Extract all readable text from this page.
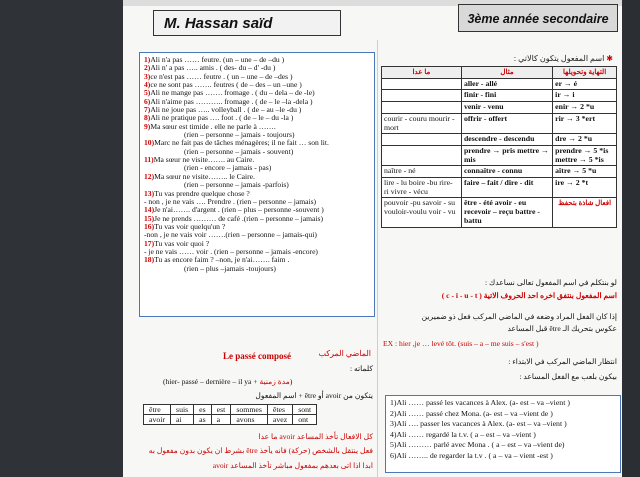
M. Hassan saïd	3ème année secondaire
1)Ali n'a pas …… feutre. (un – une – de –du )
2)Ali n' a pas ….. amis . ( des- du – d' -du )
3)ce n'est pas …… feutre . ( un – une – de –des )
4)ce ne sont pas ……. feutres ( de – des – un –une )
5)Ali ne mange pas ……. fromage . ( du – dela – de -le)
6)Ali n'aime pas ……….. fromage . ( de – le –la -dela )
7)Ali ne joue pas ….. volleyball . ( de – au –le -du )
8)Ali ne pratique pas …. foot . ( de – le – du -la )
9)Ma sœur est timide . elle ne parle à …….
(rien – personne – jamais - toujours)
10)Marc ne fait pas de tâches ménagères; il ne fait … son lit.
(rien – personne – jamais - souvent)
11)Ma sœur ne visite……. au Caire.
(rien - encore – jamais - pas)
12)Ma sœur ne visite…….. le Caire.
(rien – personne – jamais -parfois)
13)Tu vas prendre quelque chose ?
- non , je ne vais …. Prendre . (rien – personne – jamais)
14)Je n'ai……. d'argent . (rien – plus – personne -souvent )
15)Je ne prends ……… de café .(rien – personne – jamais)
16)Tu vas voir quelqu'un ?
-non , je ne vais voir …….(rien – personne – jamais-qui)
17)Tu vas voir quoi ?
- je ne vais …… voir . (rien – personne – jamais -encore)
18)Tu as encore faim ? –non, je n'ai……. faim .
(rien – plus –jamais -toujours)
✱ اسم المفعول يتكون كالاتي :
ما عدا	مثال	التهاية وتحويلها
	aller - allé	er → é
	finir - fini	ir → i
	venir - venu	enir → 2 *u
courir - couru mourir - mort	offrir - offert	rir → 3 *ert
	descendre - descendu	dre → 2 *u
	prendre → pris mettre → mis	prendre → 5 *is mettre → 5 *is
naître - né	connaître - connu	aître → 5 *u
lire - lu boire -bu rire- ri vivre - vécu	faire – fait / dire - dit	ire → 2 *t
pouvoir -pu savoir - su vouloir-voulu voir - vu	être - été avoir - eu recevoir – reçu battre - battu	افعال شاذة بتحفظ
لو بنتكلم في اسم المفعول تعالى نساعدك :
اسم المفعول بنتفق اخره احد الحروف الاتية ( c - i - u - t )
إذا كان الفعل المراد وضعه في الماضي المركب فعل ذو ضميرين
عكوس بتحريك الـ être قبل المساعد
EX : hier ,je … levé tôt. (suis – a – me suis – s'est )
انتظار الماضي المركب في الابتداء :
بيكون بلعب مع الفعل المساعد :
1)Ali …… passé les vacances à Alex. (a- est – va –vient )
2)Ali …… passé chez Mona. (a- est – va –vient de )
3)Ali …. passer les vacances à Alex. (a- est – va –vient )
4)Ali …… regardé la t.v. ( a – est – va –vient )
5)Ali ……… parlé avec Mona . ( a – est – va –vient de)
6)Ali …….. de regarder la t.v . ( a – va – vient -est )
Le passé composé	الماضي المركب
كلماته :
(hier- passé – dernière – il ya + مدة زمنية)
يتكون من avoir أو être + اسم المفعول
être	suis	es	est	sommes	êtes	sont
avoir	ai	as	a	avons	avez	ont
كل الافعال تأخذ المساعد avoir ما عدا
فعل ينتقل بالشخص (حركة) فانه يأخذ être بشرط ان يكون بدون مفعول به
ابدا اذا اتى بعدهم بمفعول مباشر تأخذ المساعد avoir
